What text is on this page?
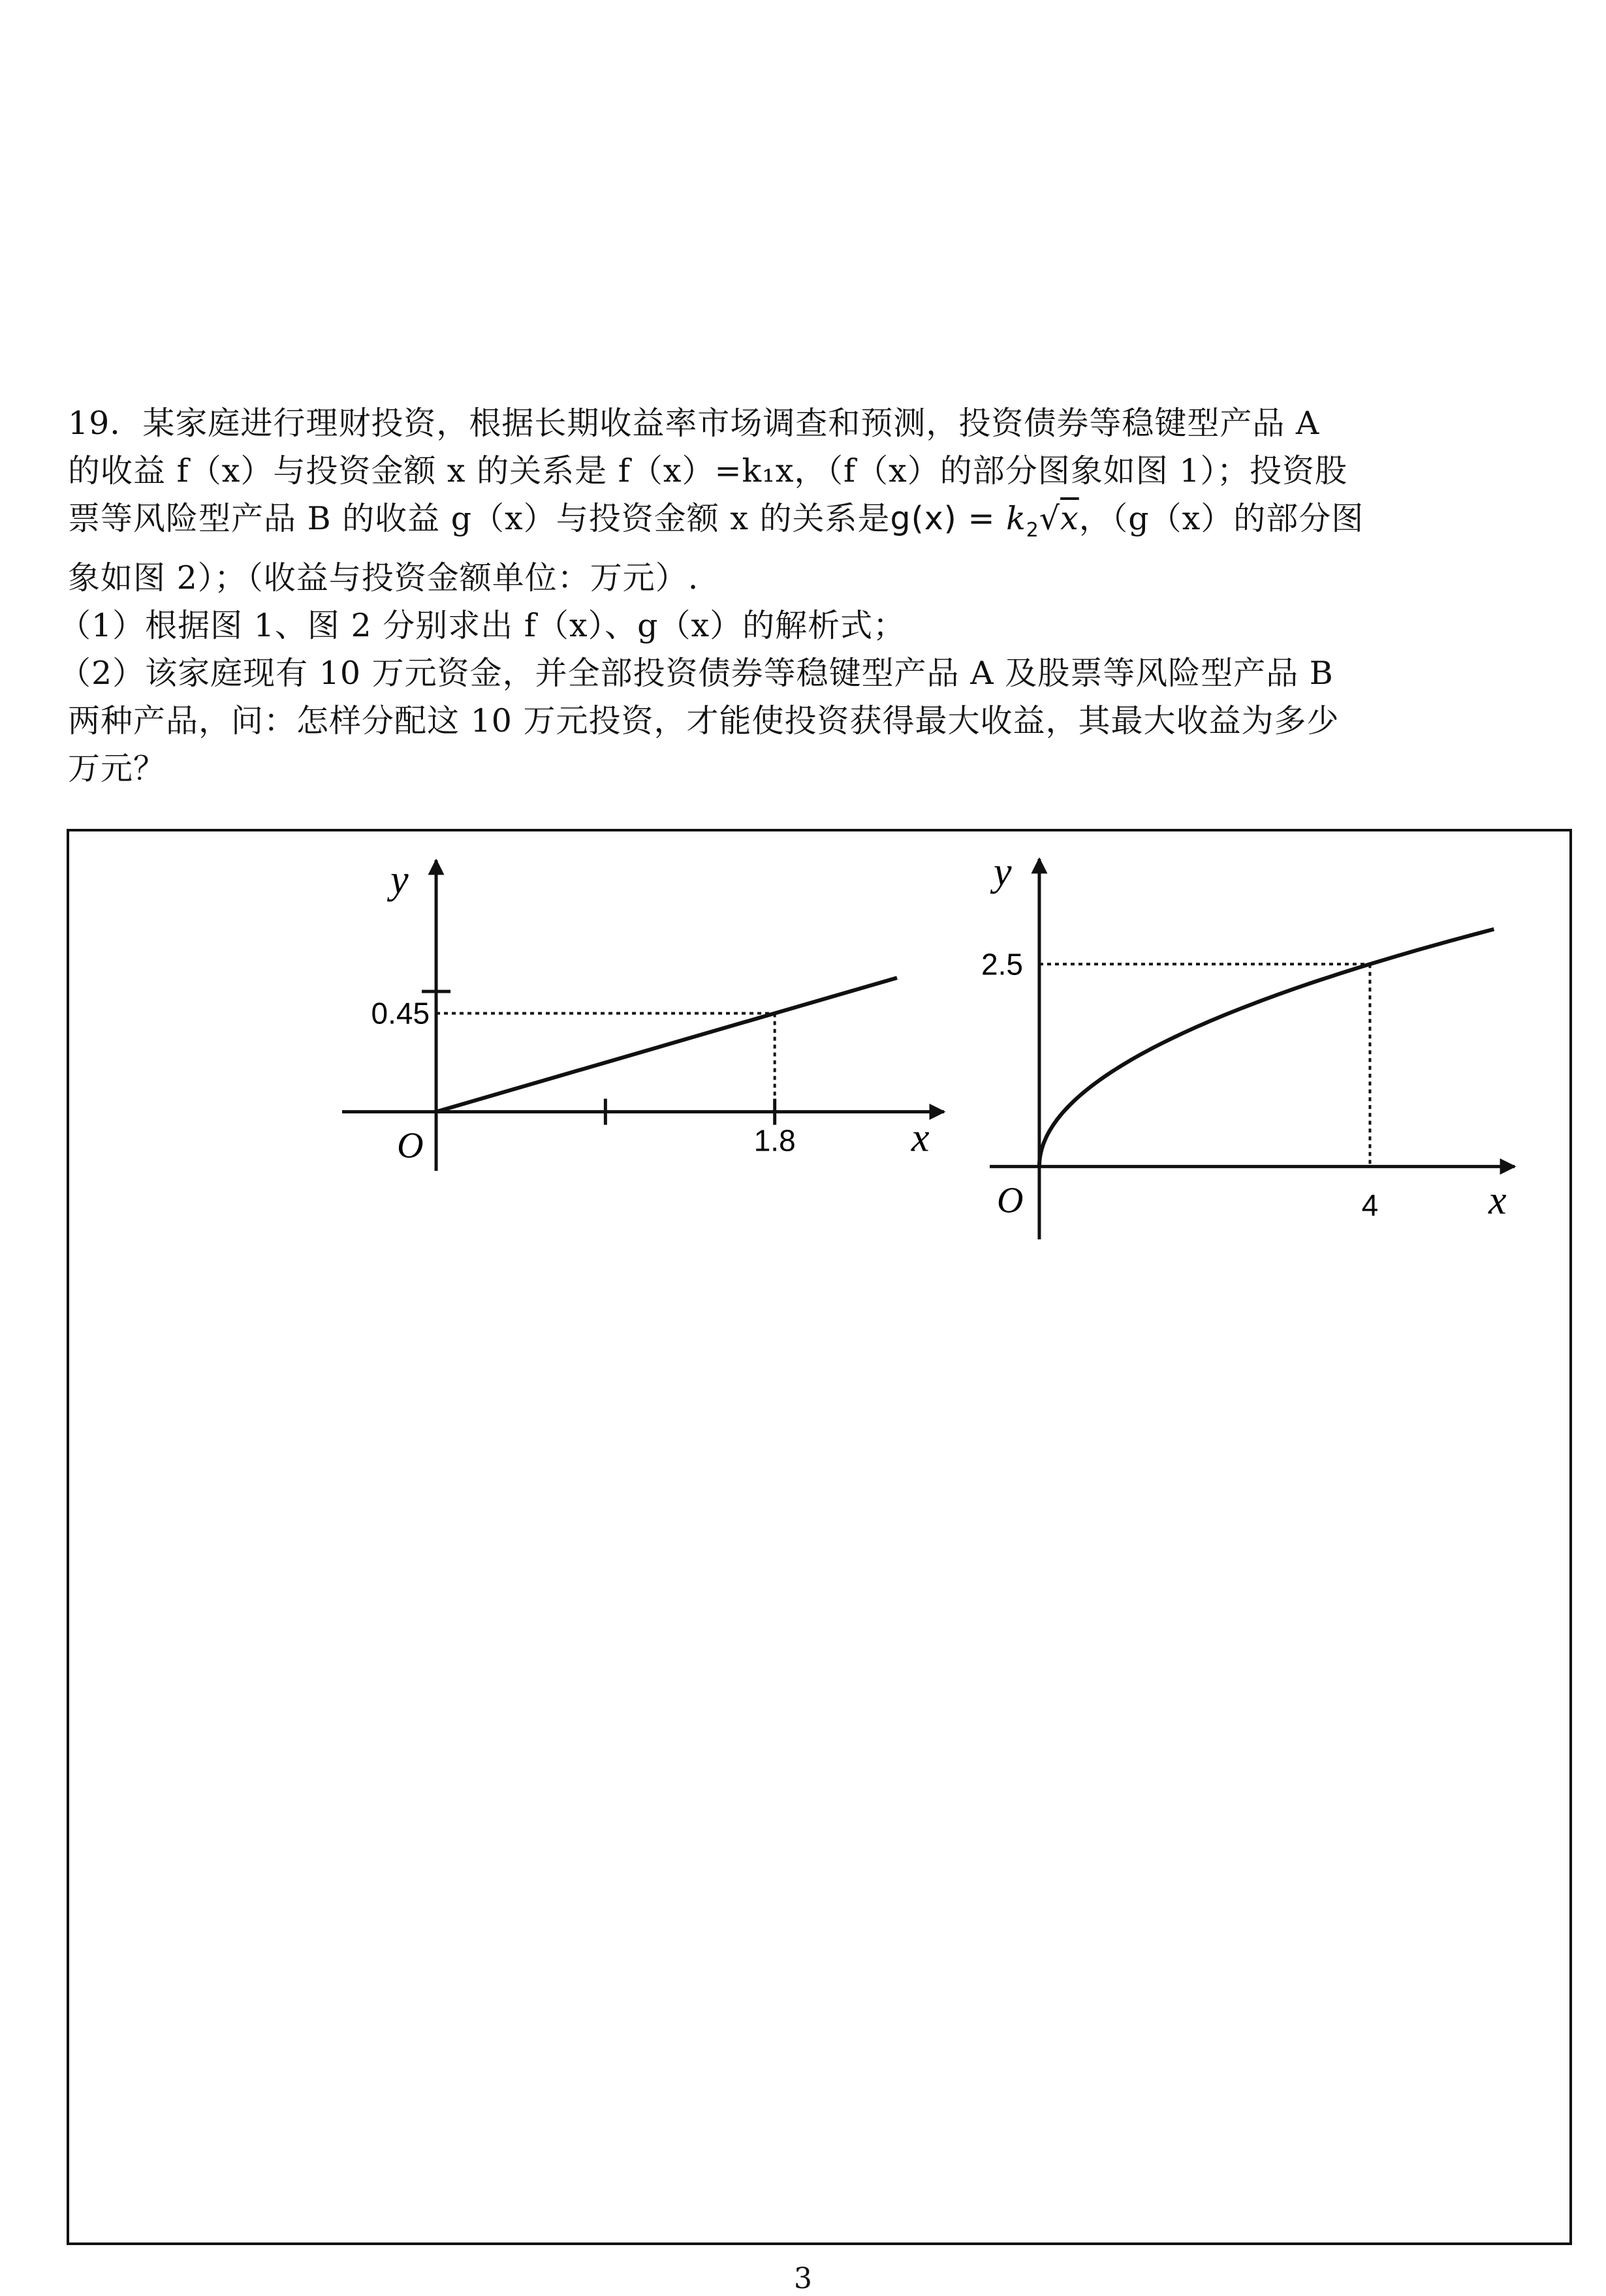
19．某家庭进行理财投资，根据长期收益率市场调查和预测，投资债券等稳键型产品 A

的收益 f（x）与投资金额 x 的关系是 f（x）=k₁x，（f（x）的部分图象如图 1）；投资股

票等风险型产品 B 的收益 g（x）与投资金额 x 的关系是$g(x) = k_2√x$，（g（x）的部分图

象如图 2）；（收益与投资金额单位：万元）.

（1）根据图 1、图 2 分别求出 f（x）、g（x）的解析式；

（2）该家庭现有 10 万元资金，并全部投资债券等稳键型产品 A 及股票等风险型产品 B

两种产品，问：怎样分配这 10 万元投资，才能使投资获得最大收益，其最大收益为多少

万元？

y
x
O
0.45
1.8
y
x
O
2.5
4
3
